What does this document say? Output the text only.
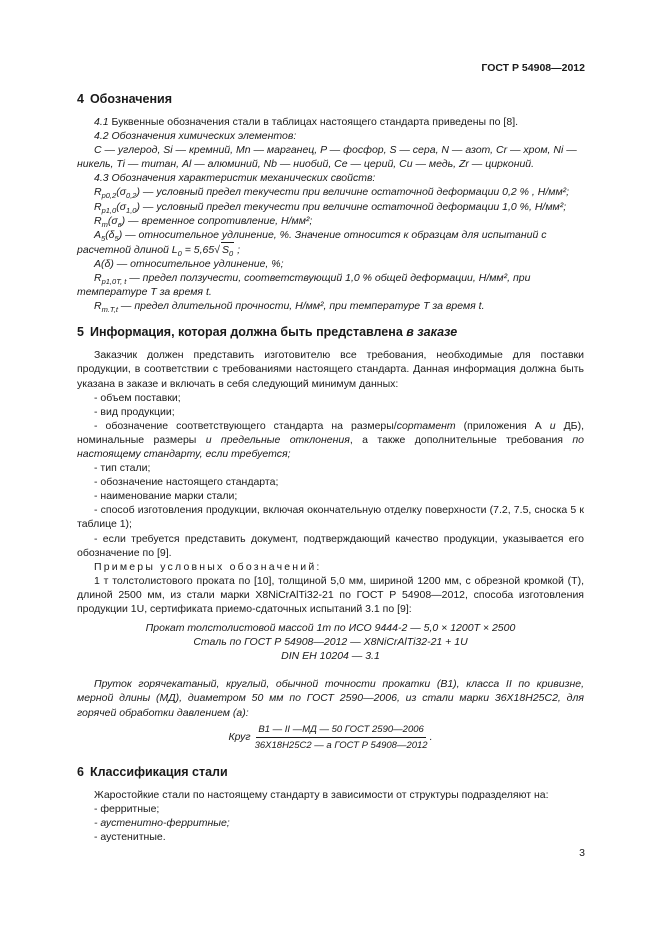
ГОСТ Р 54908—2012
4 Обозначения

4.1 Буквенные обозначения стали в таблицах настоящего стандарта приведены по [8].

4.2 Обозначения химических элементов:

C — углерод, Si — кремний, Mn — марганец, P — фосфор, S — сера, N — азот, Cr — хром, Ni —
никель, Ti — титан, Al — алюминий, Nb — ниобий, Ce — церий, Cu — медь, Zr — цирконий.

4.3 Обозначения характеристик механических свойств:

$R_{p0,2}(\sigma_{0,2})$ — условный предел текучести при величине остаточной деформации 0,2 % , Н/мм²;

$R_{p1,0}(\sigma_{1,0})$ — условный предел текучести при величине остаточной деформации 1,0 %, Н/мм²;

$R_m(\sigma_в)$ — временное сопротивление, Н/мм²;

$A_5(\delta_5)$ — относительное удлинение, %. Значение относится к образцам для испытаний с

расчетной длиной $L_0 = 5,65√$ $S_0$ ;

A(δ) — относительное удлинение, %;

$R_{p1,0T, t}$ — предел ползучести, соответствующий 1,0 % общей деформации, Н/мм², при

температуре T за время t.

$R_{m.T,t}$ — предел длительной прочности, Н/мм², при температуре T за время t.

5 Информация, которая должна быть представлена в заказе

Заказчик должен представить изготовителю все требования, необходимые для поставки продукции, в соответствии с требованиями настоящего стандарта. Данная информация должна быть указана в заказе и включать в себя следующий минимум данных:

- объем поставки;

- вид продукции;

- обозначение соответствующего стандарта на размеры/сортамент (приложения А и ДБ), номинальные размеры и предельные отклонения, а также дополнительные требования по настоящему стандарту, если требуется;

- тип стали;

- обозначение настоящего стандарта;

- наименование марки стали;

- способ изготовления продукции, включая окончательную отделку поверхности (7.2, 7.5, сноска 5 к таблице 1);

- если требуется представить документ, подтверждающий качество продукции, указывается его обозначение по [9].

Примеры условных обозначений:

1 т толстолистового проката по [10], толщиной 5,0 мм, шириной 1200 мм, с обрезной кромкой (Т), длиной 2500 мм, из стали марки X8NiCrAlTi32-21 по ГОСТ Р 54908—2012, способа изготовления продукции 1U, сертификата приемо-сдаточных испытаний 3.1 по [9]:

Прокат толстолистовой массой 1т по ИСО 9444-2 — 5,0 × 1200Т × 2500
Сталь по ГОСТ Р 54908—2012 — X8NiCrAlTi32-21 + 1U
DIN EH 10204 — 3.1

Пруток горячекатаный, круглый, обычной точности прокатки (В1), класса II по кривизне, мерной длины (МД), диаметром 50 мм по ГОСТ 2590—2006, из стали марки 36Х18Н25С2, для горячей обработки давлением (а):

Круг $\frac{\text{В1 — II —МД — 50 ГОСТ 2590—2006}}{\text{36Х18Н25С2 — а ГОСТ Р 54908—2012}}$ .
6 Классификация стали

Жаростойкие стали по настоящему стандарту в зависимости от структуры подразделяют на:

- ферритные;

- аустенитно-ферритные;

- аустенитные.

3
